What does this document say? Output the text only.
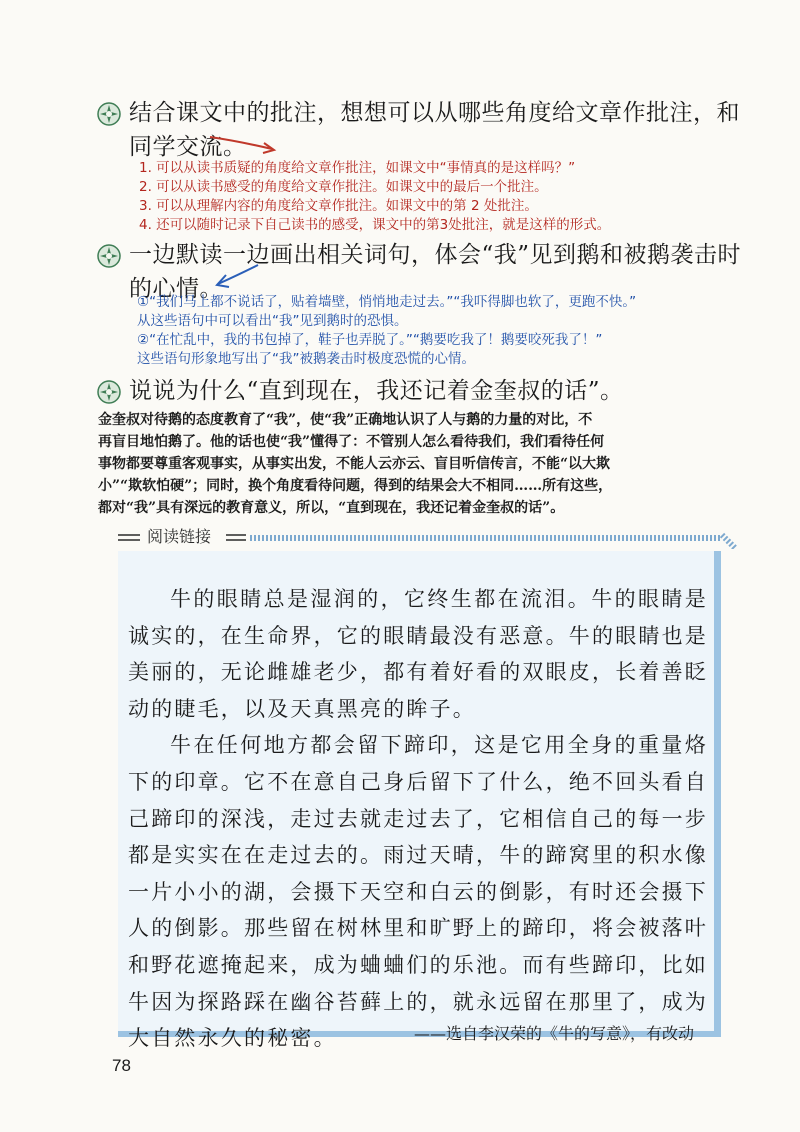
结合课文中的批注，想想可以从哪些角度给文章作批注，和同学交流。
1. 可以从读书质疑的角度给文章作批注，如课文中“事情真的是这样吗？”
2. 可以从读书感受的角度给文章作批注。如课文中的最后一个批注。
3. 可以从理解内容的角度给文章作批注。如课文中的第 2 处批注。
4. 还可以随时记录下自己读书的感受，课文中的第3处批注，就是这样的形式。
一边默读一边画出相关词句，体会“我”见到鹅和被鹅袭击时的心情。
①“我们马上都不说话了，贴着墙壁，悄悄地走过去。”“我吓得脚也软了，更跑不快。”
从这些语句中可以看出“我”见到鹅时的恐惧。
②“在忙乱中，我的书包掉了，鞋子也弄脱了。”“鹅要吃我了！鹅要咬死我了！”
这些语句形象地写出了“我”被鹅袭击时极度恐慌的心情。
说说为什么“直到现在，我还记着金奎叔的话”。
金奎叔对待鹅的态度教育了“我”，使“我”正确地认识了人与鹅的力量的对比，不
再盲目地怕鹅了。他的话也使“我”懂得了：不管别人怎么看待我们，我们看待任何
事物都要尊重客观事实，从事实出发，不能人云亦云、盲目听信传言，不能“以大欺
小”“欺软怕硬”；同时，换个角度看待问题，得到的结果会大不相同……所有这些，
都对“我”具有深远的教育意义，所以，“直到现在，我还记着金奎叔的话”。
阅读链接

牛的眼睛总是湿润的，它终生都在流泪。牛的眼睛是诚实的，在生命界，它的眼睛最没有恶意。牛的眼睛也是美丽的，无论雌雄老少，都有着好看的双眼皮，长着善眨动的睫毛，以及天真黑亮的眸子。

牛在任何地方都会留下蹄印，这是它用全身的重量烙下的印章。它不在意自己身后留下了什么，绝不回头看自己蹄印的深浅，走过去就走过去了，它相信自己的每一步都是实实在在走过去的。雨过天晴，牛的蹄窝里的积水像一片小小的湖，会摄下天空和白云的倒影，有时还会摄下人的倒影。那些留在树林里和旷野上的蹄印，将会被落叶和野花遮掩起来，成为蛐蛐们的乐池。而有些蹄印，比如牛因为探路踩在幽谷苔藓上的，就永远留在那里了，成为大自然永久的秘密。	——选自李汉荣的《牛的写意》，有改动
78
